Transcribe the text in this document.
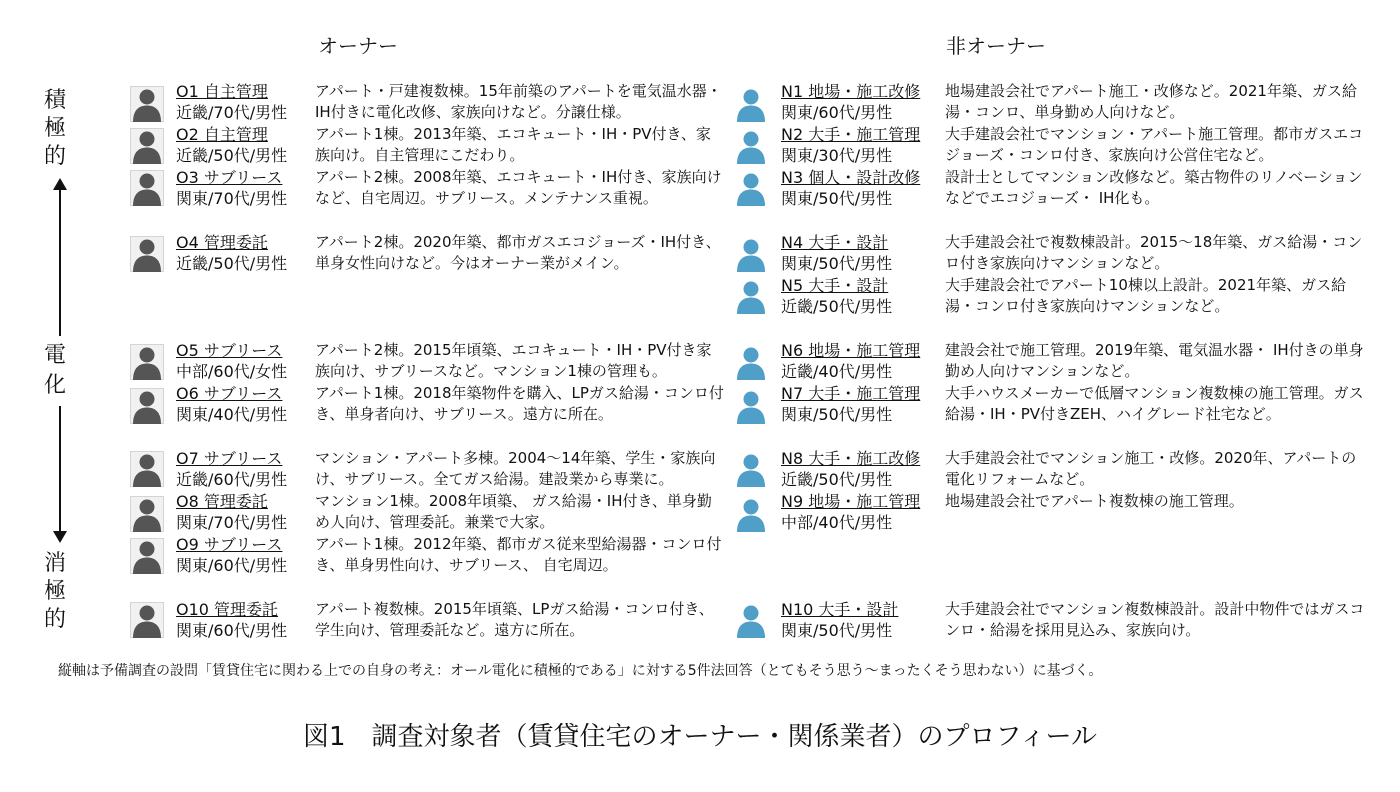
オーナー	非オーナー
積
極
的
電
化
消
極
的
O1 自主管理
近畿/70代/男性
アパート・戸建複数棟。15年前築のアパートを電気温水器・IH付きに電化改修、家族向けなど。分譲仕様。
O2 自主管理
近畿/50代/男性
アパート1棟。2013年築、エコキュート・IH・PV付き、家族向け。自主管理にこだわり。
O3 サブリース
関東/70代/男性
アパート2棟。2008年築、エコキュート・IH付き、家族向けなど、自宅周辺。サブリース。メンテナンス重視。
O4 管理委託
近畿/50代/男性
アパート2棟。2020年築、都市ガスエコジョーズ・IH付き、単身女性向けなど。今はオーナー業がメイン。
O5 サブリース
中部/60代/女性
アパート2棟。2015年頃築、エコキュート・IH・PV付き家族向け、サブリースなど。マンション1棟の管理も。
O6 サブリース
関東/40代/男性
アパート1棟。2018年築物件を購入、LPガス給湯・コンロ付き、単身者向け、サブリース。遠方に所在。
O7 サブリース
近畿/60代/男性
マンション・アパート多棟。2004～14年築、学生・家族向け、サブリース。全てガス給湯。建設業から専業に。
O8 管理委託
関東/70代/男性
マンション1棟。2008年頃築、 ガス給湯・IH付き、単身勤め人向け、管理委託。兼業で大家。
O9 サブリース
関東/60代/男性
アパート1棟。2012年築、都市ガス従来型給湯器・コンロ付き、単身男性向け、サブリース、 自宅周辺。
O10 管理委託
関東/60代/男性
アパート複数棟。2015年頃築、LPガス給湯・コンロ付き、学生向け、管理委託など。遠方に所在。
N1 地場・施工改修
関東/60代/男性
地場建設会社でアパート施工・改修など。2021年築、ガス給湯・コンロ、単身勤め人向けなど。
N2 大手・施工管理
関東/30代/男性
大手建設会社でマンション・アパート施工管理。都市ガスエコジョーズ・コンロ付き、家族向け公営住宅など。
N3 個人・設計改修
関東/50代/男性
設計士としてマンション改修など。築古物件のリノベーションなどでエコジョーズ・ IH化も。
N4 大手・設計
関東/50代/男性
大手建設会社で複数棟設計。2015～18年築、ガス給湯・コンロ付き家族向けマンションなど。
N5 大手・設計
近畿/50代/男性
大手建設会社でアパート10棟以上設計。2021年築、ガス給湯・コンロ付き家族向けマンションなど。
N6 地場・施工管理
近畿/40代/男性
建設会社で施工管理。2019年築、電気温水器・ IH付きの単身勤め人向けマンションなど。
N7 大手・施工管理
関東/50代/男性
大手ハウスメーカーで低層マンション複数棟の施工管理。ガス給湯・IH・PV付きZEH、ハイグレード社宅など。
N8 大手・施工改修
近畿/50代/男性
大手建設会社でマンション施工・改修。2020年、アパートの電化リフォームなど。
N9 地場・施工管理
中部/40代/男性
地場建設会社でアパート複数棟の施工管理。
N10 大手・設計
関東/50代/男性
大手建設会社でマンション複数棟設計。設計中物件ではガスコンロ・給湯を採用見込み、家族向け。
縦軸は予備調査の設問「賃貸住宅に関わる上での自身の考え：オール電化に積極的である」に対する5件法回答（とてもそう思う～まったくそう思わない）に基づく。
図1　調査対象者（賃貸住宅のオーナー・関係業者）のプロフィール
